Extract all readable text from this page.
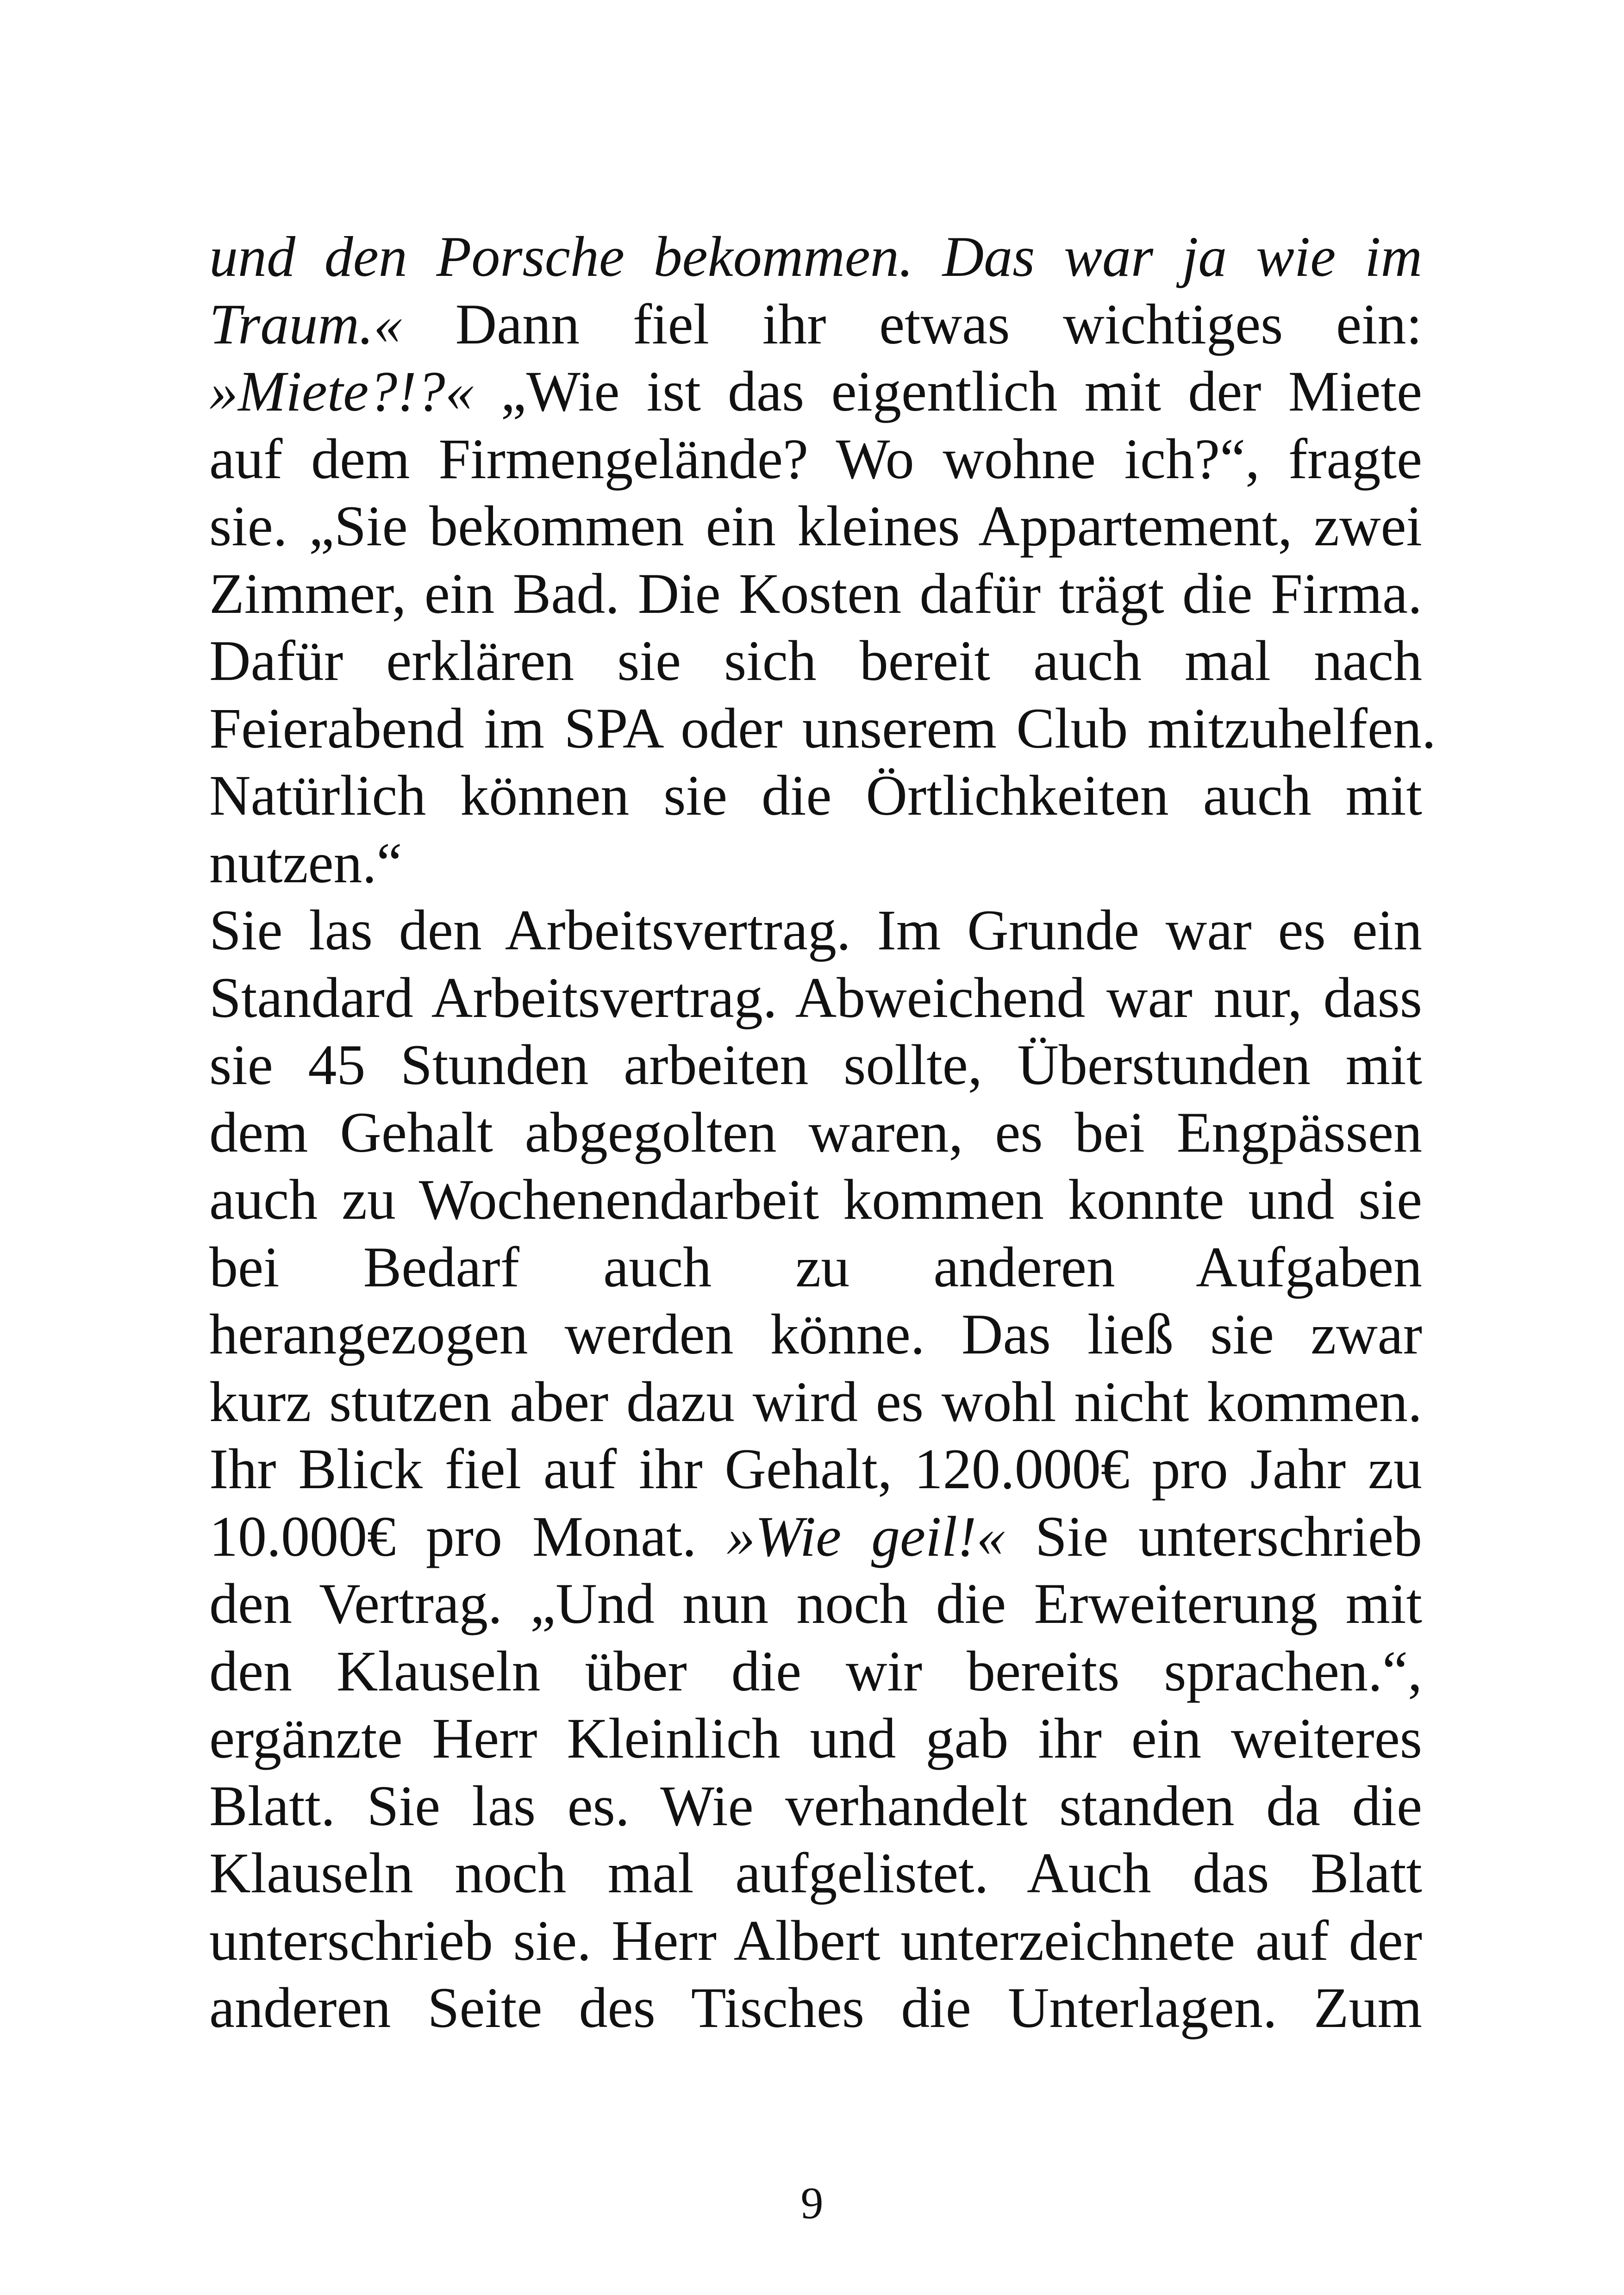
und den Porsche bekommen. Das war ja wie im
Traum.« Dann fiel ihr etwas wichtiges ein:
»Miete?!?« „Wie ist das eigentlich mit der Miete
auf dem Firmengelände? Wo wohne ich?“, fragte
sie. „Sie bekommen ein kleines Appartement, zwei
Zimmer, ein Bad. Die Kosten dafür trägt die Firma.
Dafür erklären sie sich bereit auch mal nach
Feierabend im SPA oder unserem Club mitzuhelfen.
Natürlich können sie die Örtlichkeiten auch mit
nutzen.“
Sie las den Arbeitsvertrag. Im Grunde war es ein
Standard Arbeitsvertrag. Abweichend war nur, dass
sie 45 Stunden arbeiten sollte, Überstunden mit
dem Gehalt abgegolten waren, es bei Engpässen
auch zu Wochenendarbeit kommen konnte und sie
bei Bedarf auch zu anderen Aufgaben
herangezogen werden könne. Das ließ sie zwar
kurz stutzen aber dazu wird es wohl nicht kommen.
Ihr Blick fiel auf ihr Gehalt, 120.000€ pro Jahr zu
10.000€ pro Monat. »Wie geil!« Sie unterschrieb
den Vertrag. „Und nun noch die Erweiterung mit
den Klauseln über die wir bereits sprachen.“,
ergänzte Herr Kleinlich und gab ihr ein weiteres
Blatt. Sie las es. Wie verhandelt standen da die
Klauseln noch mal aufgelistet. Auch das Blatt
unterschrieb sie. Herr Albert unterzeichnete auf der
anderen Seite des Tisches die Unterlagen. Zum
9
